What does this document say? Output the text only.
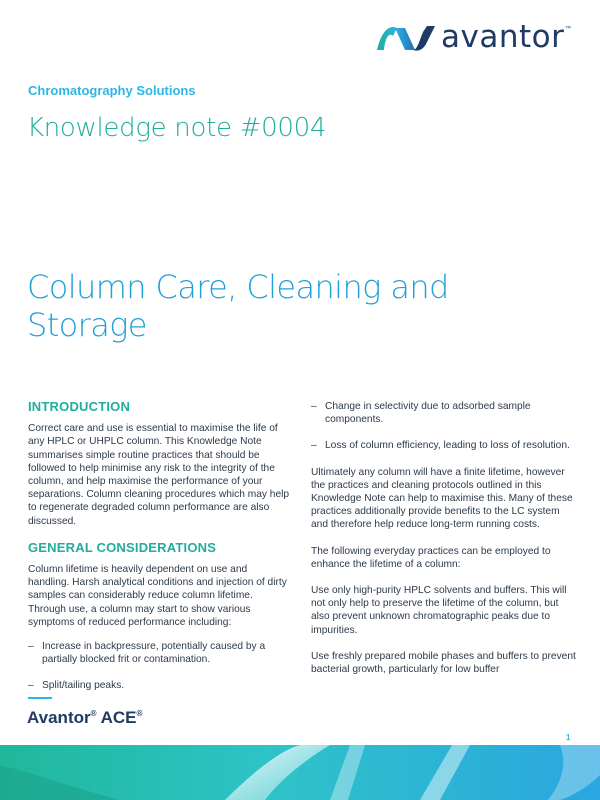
avantor ™
Chromatography Solutions
Knowledge note #0004
Column Care, Cleaning and Storage
INTRODUCTION

Correct care and use is essential to maximise the life of any HPLC or UHPLC column. This Knowledge Note summarises simple routine practices that should be followed to help minimise any risk to the integrity of the column, and help maximise the performance of your separations. Column cleaning procedures which may help to regenerate degraded column performance are also discussed.

GENERAL CONSIDERATIONS

Column lifetime is heavily dependent on use and handling. Harsh analytical conditions and injection of dirty samples can considerably reduce column lifetime. Through use, a column may start to show various symptoms of reduced performance including:

– Increase in backpressure, potentially caused by a partially blocked frit or contamination.
– Split/tailing peaks.
– Change in selectivity due to adsorbed sample components.
– Loss of column efficiency, leading to loss of resolution.

Ultimately any column will have a finite lifetime, however the practices and cleaning protocols outlined in this Knowledge Note can help to maximise this. Many of these practices additionally provide benefits to the LC system and therefore help reduce long-term running costs.

The following everyday practices can be employed to enhance the lifetime of a column:

Use only high-purity HPLC solvents and buffers. This will not only help to preserve the lifetime of the column, but also prevent unknown chromatographic peaks due to impurities.

Use freshly prepared mobile phases and buffers to prevent bacterial growth, particularly for low buffer

Avantor® ACE®
1
